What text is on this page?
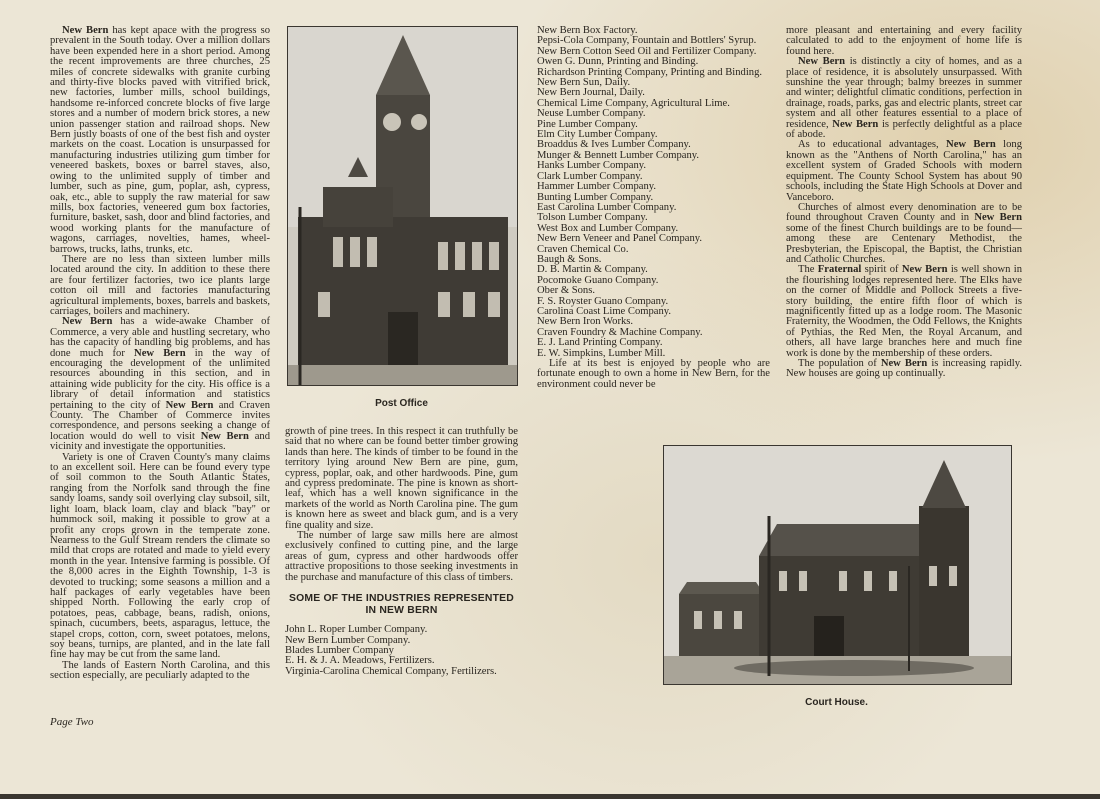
New Bern has kept apace with the progress so prevalent in the South today. Over a million dollars have been expended here in a short period. Among the recent improvements are three churches, 25 miles of concrete sidewalks with granite curbing and thirty-five blocks paved with vitrified brick, new factories, lumber mills, school buildings, handsome re-inforced concrete blocks of five large stores and a number of modern brick stores, a new union passenger station and railroad shops. New Bern justly boasts of one of the best fish and oyster markets on the coast. Location is unsurpassed for manufacturing industries utilizing gum timber for veneered baskets, boxes or barrel staves, also, owing to the unlimited supply of timber and lumber, such as pine, gum, poplar, ash, cypress, oak, etc., able to supply the raw material for saw mills, box factories, veneered gum box factories, furniture, basket, sash, door and blind factories, and wood working plants for the manufacture of wagons, carriages, novelties, hames, wheel-barrows, trucks, laths, trunks, etc.

There are no less than sixteen lumber mills located around the city. In addition to these there are four fertilizer factories, two ice plants large cotton oil mill and factories manufacturing agricultural implements, boxes, barrels and baskets, carriages, boilers and machinery.

New Bern has a wide-awake Chamber of Commerce, a very able and hustling secretary, who has the capacity of handling big problems, and has done much for New Bern in the way of encouraging the development of the unlimited resources abounding in this section, and in attaining wide publicity for the city. His office is a library of detail information and statistics pertaining to the city of New Bern and Craven County. The Chamber of Commerce invites correspondence, and persons seeking a change of location would do well to visit New Bern and vicinity and investigate the opportunities.

Variety is one of Craven County's many claims to an excellent soil. Here can be found every type of soil common to the South Atlantic States, ranging from the Norfolk sand through the fine sandy loams, sandy soil overlying clay subsoil, silt, light loam, black loam, clay and black "bay" or hummock soil, making it possible to grow at a profit any crops grown in the temperate zone. Nearness to the Gulf Stream renders the climate so mild that crops are rotated and made to yield every month in the year. Intensive farming is possible. Of the 8,000 acres in the Eighth Township, 1-3 is devoted to trucking; some seasons a million and a half packages of early vegetables have been shipped North. Following the early crop of potatoes, peas, cabbage, beans, radish, onions, spinach, cucumbers, beets, asparagus, lettuce, the stapel crops, cotton, corn, sweet potatoes, melons, soy beans, turnips, are planted, and in the late fall fine hay may be cut from the same land.

The lands of Eastern North Carolina, and this section especially, are peculiarly adapted to the

Post Office

growth of pine trees. In this respect it can truthfully be said that no where can be found better timber growing lands than here. The kinds of timber to be found in the territory lying around New Bern are pine, gum, cypress, poplar, oak, and other hardwoods. Pine, gum and cypress predominate. The pine is known as short-leaf, which has a well known significance in the markets of the world as North Carolina pine. The gum is known here as sweet and black gum, and is a very fine quality and size.

The number of large saw mills here are almost exclusively confined to cutting pine, and the large areas of gum, cypress and other hardwoods offer attractive propositions to those seeking investments in the purchase and manufacture of this class of timbers.

SOME OF THE INDUSTRIES REPRESENTED IN NEW BERN

John L. Roper Lumber Company.

New Bern Lumber Company.

Blades Lumber Company

E. H. & J. A. Meadows, Fertilizers.

Virginia-Carolina Chemical Company, Fertilizers.

New Bern Box Factory.

Pepsi-Cola Company, Fountain and Bottlers' Syrup.

New Bern Cotton Seed Oil and Fertilizer Company.

Owen G. Dunn, Printing and Binding.

Richardson Printing Company, Printing and Binding.

New Bern Sun, Daily.

New Bern Journal, Daily.

Chemical Lime Company, Agricultural Lime.

Neuse Lumber Company.

Pine Lumber Company.

Elm City Lumber Company.

Broaddus & Ives Lumber Company.

Munger & Bennett Lumber Company.

Hanks Lumber Company.

Clark Lumber Company.

Hammer Lumber Company.

Bunting Lumber Company.

East Carolina Lumber Company.

Tolson Lumber Company.

West Box and Lumber Company.

New Bern Veneer and Panel Company.

Craven Chemical Co.

Baugh & Sons.

D. B. Martin & Company.

Pocomoke Guano Company.

Ober & Sons.

F. S. Royster Guano Company.

Carolina Coast Lime Company.

New Bern Iron Works.

Craven Foundry & Machine Company.

E. J. Land Printing Company.

E. W. Simpkins, Lumber Mill.

Life at its best is enjoyed by people who are fortunate enough to own a home in New Bern, for the environment could never be

more pleasant and entertaining and every facility calculated to add to the enjoyment of home life is found here.

New Bern is distinctly a city of homes, and as a place of residence, it is absolutely unsurpassed. With sunshine the year through; balmy breezes in summer and winter; delightful climatic conditions, perfection in drainage, roads, parks, gas and electric plants, street car system and all other features essential to a place of residence, New Bern is perfectly delightful as a place of abode.

As to educational advantages, New Bern long known as the "Anthens of North Carolina," has an excellent system of Graded Schools with modern equipment. The County School System has about 90 schools, including the State High Schools at Dover and Vanceboro.

Churches of almost every denomination are to be found throughout Craven County and in New Bern some of the finest Church buildings are to be found—among these are Centenary Methodist, the Presbyterian, the Episcopal, the Baptist, the Christian and Catholic Churches.

The Fraternal spirit of New Bern is well shown in the flourishing lodges represented here. The Elks have on the corner of Middle and Pollock Streets a five-story building, the entire fifth floor of which is magnificently fitted up as a lodge room. The Masonic Fraternity, the Woodmen, the Odd Fellows, the Knights of Pythias, the Red Men, the Royal Arcanum, and others, all have large branches here and much fine work is done by the membership of these orders.

The population of New Bern is increasing rapidly. New houses are going up continually.

Court House.
Page Two
